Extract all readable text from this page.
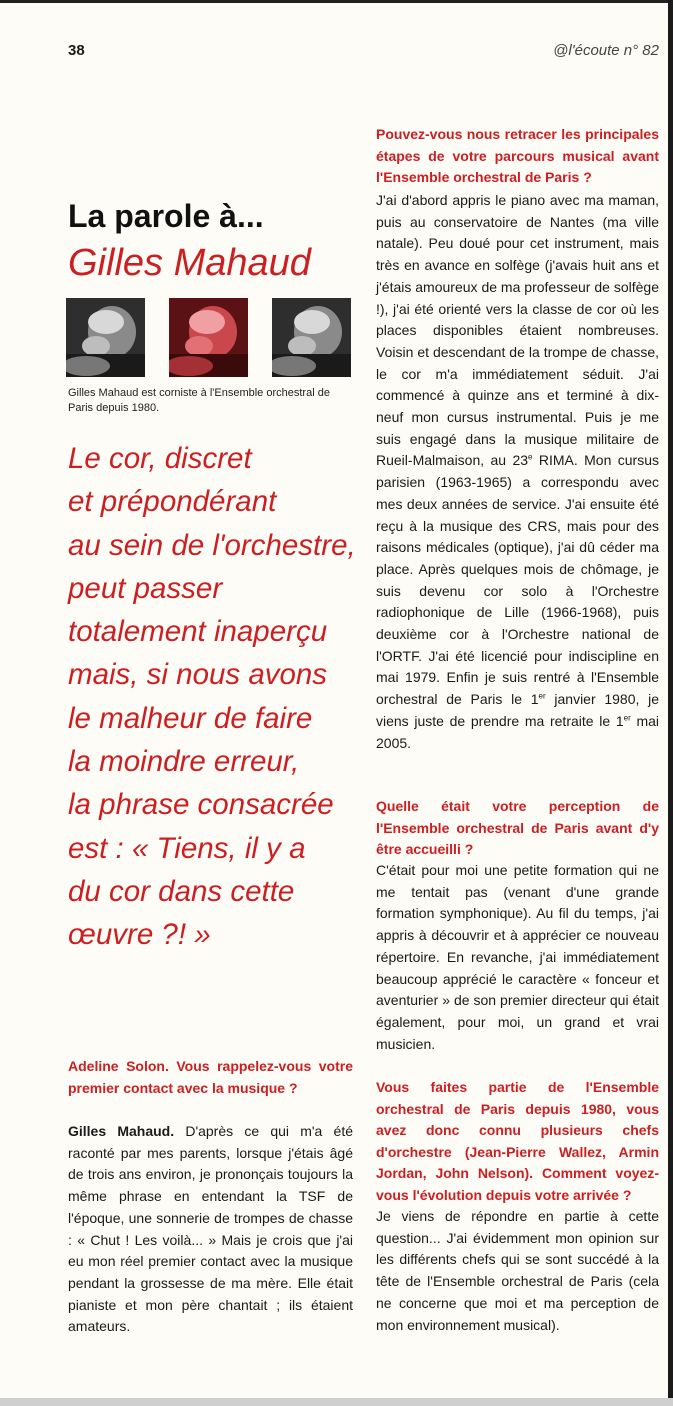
38	@l'écoute n° 82
La parole à...
Gilles Mahaud
Gilles Mahaud est corniste à l'Ensemble orchestral de Paris depuis 1980.
Le cor, discret
et prépondérant
au sein de l'orchestre,
peut passer
totalement inaperçu
mais, si nous avons
le malheur de faire
la moindre erreur,
la phrase consacrée
est : « Tiens, il y a
du cor dans cette
œuvre ?! »
Adeline Solon. Vous rappelez-vous votre premier contact avec la musique ?
Gilles Mahaud. D'après ce qui m'a été raconté par mes parents, lorsque j'étais âgé de trois ans environ, je prononçais toujours la même phrase en entendant la TSF de l'époque, une sonnerie de trompes de chasse : « Chut ! Les voilà... » Mais je crois que j'ai eu mon réel premier contact avec la musique pendant la grossesse de ma mère. Elle était pianiste et mon père chantait ; ils étaient amateurs.
Pouvez-vous nous retracer les principales étapes de votre parcours musical avant l'Ensemble orchestral de Paris ?
J'ai d'abord appris le piano avec ma maman, puis au conservatoire de Nantes (ma ville natale). Peu doué pour cet instrument, mais très en avance en solfège (j'avais huit ans et j'étais amoureux de ma professeur de solfège !), j'ai été orienté vers la classe de cor où les places disponibles étaient nombreuses. Voisin et descendant de la trompe de chasse, le cor m'a immédiatement séduit. J'ai commencé à quinze ans et terminé à dix-neuf mon cursus instrumental. Puis je me suis engagé dans la musique militaire de Rueil-Malmaison, au 23e RIMA. Mon cursus parisien (1963-1965) a correspondu avec mes deux années de service. J'ai ensuite été reçu à la musique des CRS, mais pour des raisons médicales (optique), j'ai dû céder ma place. Après quelques mois de chômage, je suis devenu cor solo à l'Orchestre radiophonique de Lille (1966-1968), puis deuxième cor à l'Orchestre national de l'ORTF. J'ai été licencié pour indiscipline en mai 1979. Enfin je suis rentré à l'Ensemble orchestral de Paris le 1er janvier 1980, je viens juste de prendre ma retraite le 1er mai 2005.
Quelle était votre perception de l'Ensemble orchestral de Paris avant d'y être accueilli ?
C'était pour moi une petite formation qui ne me tentait pas (venant d'une grande formation symphonique). Au fil du temps, j'ai appris à découvrir et à apprécier ce nouveau répertoire. En revanche, j'ai immédiatement beaucoup apprécié le caractère « fonceur et aventurier » de son premier directeur qui était également, pour moi, un grand et vrai musicien.
Vous faites partie de l'Ensemble orchestral de Paris depuis 1980, vous avez donc connu plusieurs chefs d'orchestre (Jean-Pierre Wallez, Armin Jordan, John Nelson). Comment voyez-vous l'évolution depuis votre arrivée ?
Je viens de répondre en partie à cette question... J'ai évidemment mon opinion sur les différents chefs qui se sont succédé à la tête de l'Ensemble orchestral de Paris (cela ne concerne que moi et ma perception de mon environnement musical).
